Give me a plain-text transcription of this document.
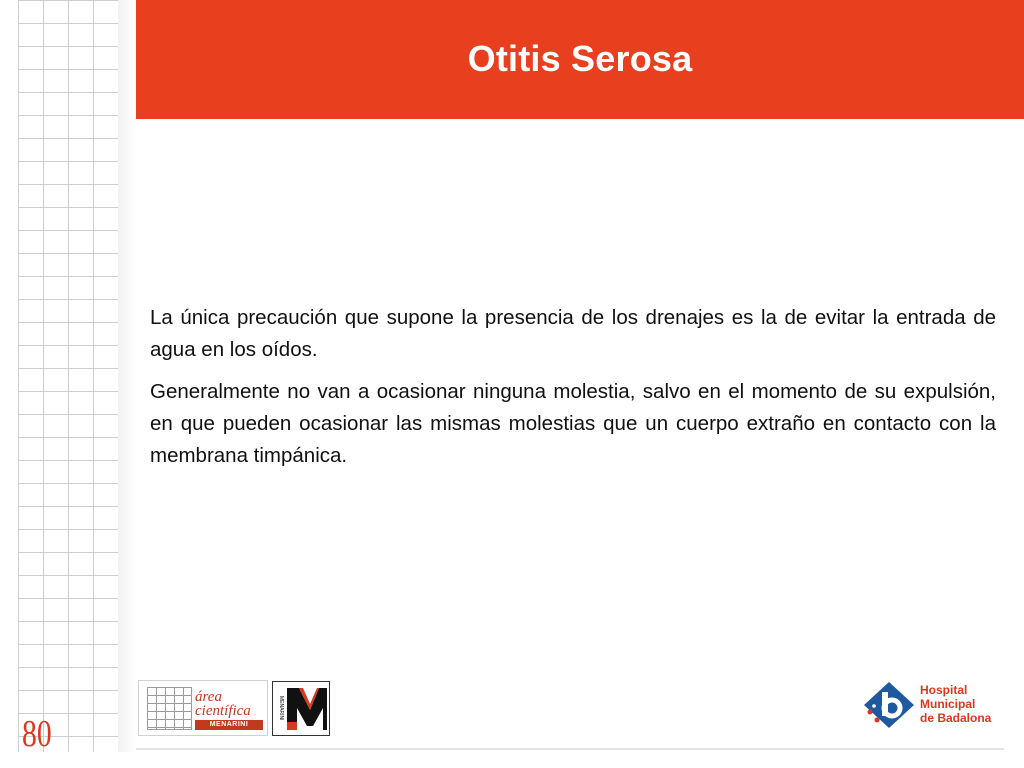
Otitis Serosa

La única precaución que supone la presencia de los drenajes es la de evitar la entrada de agua en los oídos.

Generalmente no van a ocasionar ninguna molestia, salvo en el momento de su expulsión, en que pueden ocasionar las mismas molestias que un cuerpo extraño en contacto con la membrana timpánica.

80
área
científica
MENARINI
MENARINI
Hospital
Municipal
de Badalona
